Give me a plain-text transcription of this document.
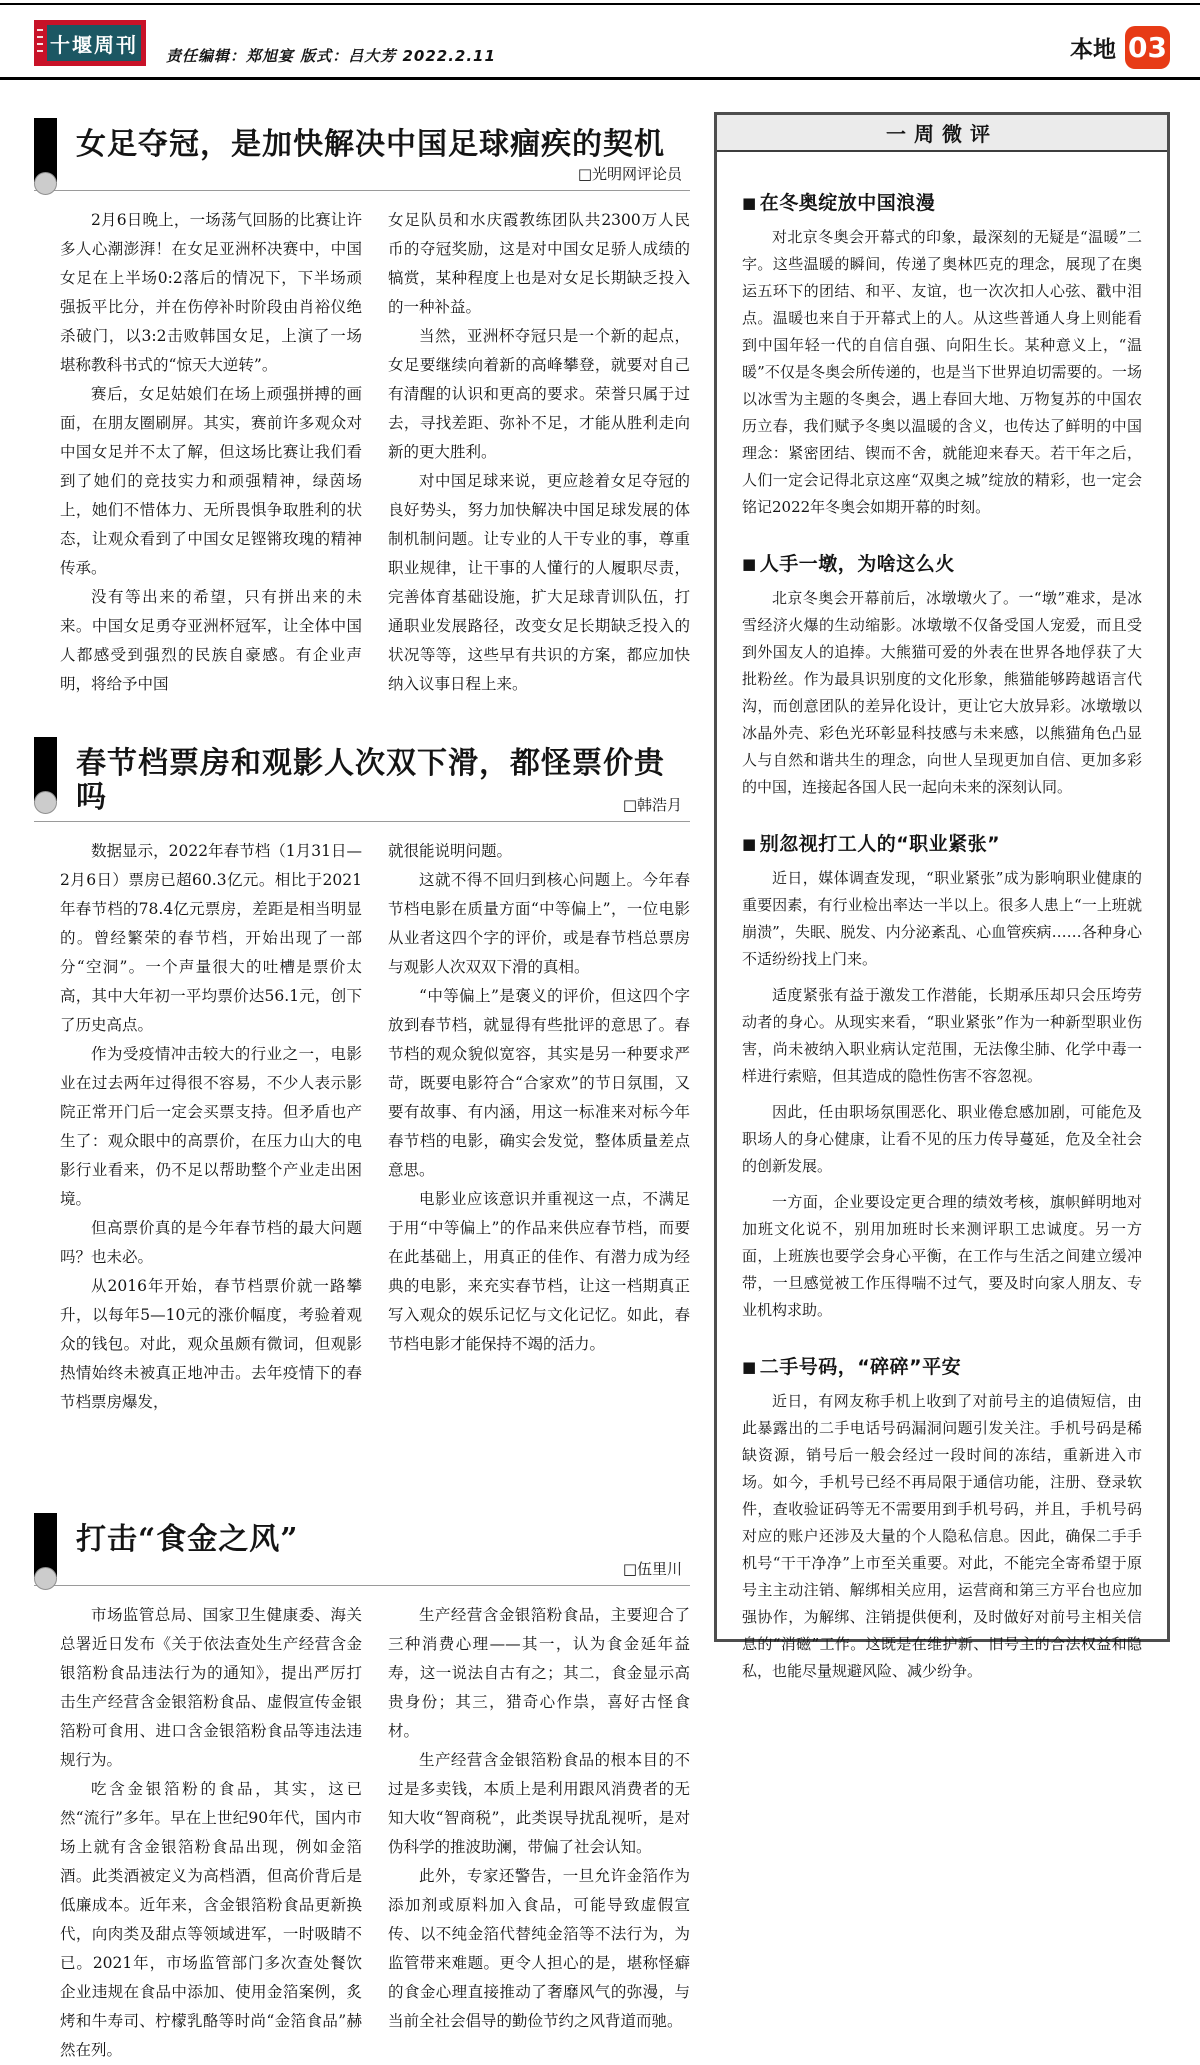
十堰周刊 责任编辑：郑旭宴 版式：吕大芳 2022.2.11	本地 03
女足夺冠，是加快解决中国足球痼疾的契机
□光明网评论员

2月6日晚上，一场荡气回肠的比赛让许多人心潮澎湃！在女足亚洲杯决赛中，中国女足在上半场0:2落后的情况下，下半场顽强扳平比分，并在伤停补时阶段由肖裕仪绝杀破门，以3:2击败韩国女足，上演了一场堪称教科书式的“惊天大逆转”。

赛后，女足姑娘们在场上顽强拼搏的画面，在朋友圈刷屏。其实，赛前许多观众对中国女足并不太了解，但这场比赛让我们看到了她们的竞技实力和顽强精神，绿茵场上，她们不惜体力、无所畏惧争取胜利的状态，让观众看到了中国女足铿锵玫瑰的精神传承。

没有等出来的希望，只有拼出来的未来。中国女足勇夺亚洲杯冠军，让全体中国人都感受到强烈的民族自豪感。有企业声明，将给予中国

女足队员和水庆霞教练团队共2300万人民币的夺冠奖励，这是对中国女足骄人成绩的犒赏，某种程度上也是对女足长期缺乏投入的一种补益。

当然，亚洲杯夺冠只是一个新的起点，女足要继续向着新的高峰攀登，就要对自己有清醒的认识和更高的要求。荣誉只属于过去，寻找差距、弥补不足，才能从胜利走向新的更大胜利。

对中国足球来说，更应趁着女足夺冠的良好势头，努力加快解决中国足球发展的体制机制问题。让专业的人干专业的事，尊重职业规律，让干事的人懂行的人履职尽责，完善体育基础设施，扩大足球青训队伍，打通职业发展路径，改变女足长期缺乏投入的状况等等，这些早有共识的方案，都应加快纳入议事日程上来。

春节档票房和观影人次双下滑，都怪票价贵吗	□韩浩月

数据显示，2022年春节档（1月31日—2月6日）票房已超60.3亿元。相比于2021年春节档的78.4亿元票房，差距是相当明显的。曾经繁荣的春节档，开始出现了一部分“空洞”。一个声量很大的吐槽是票价太高，其中大年初一平均票价达56.1元，创下了历史高点。

作为受疫情冲击较大的行业之一，电影业在过去两年过得很不容易，不少人表示影院正常开门后一定会买票支持。但矛盾也产生了：观众眼中的高票价，在压力山大的电影行业看来，仍不足以帮助整个产业走出困境。

但高票价真的是今年春节档的最大问题吗？也未必。

从2016年开始，春节档票价就一路攀升，以每年5—10元的涨价幅度，考验着观众的钱包。对此，观众虽颇有微词，但观影热情始终未被真正地冲击。去年疫情下的春节档票房爆发，

就很能说明问题。

这就不得不回归到核心问题上。今年春节档电影在质量方面“中等偏上”，一位电影从业者这四个字的评价，或是春节档总票房与观影人次双双下滑的真相。

“中等偏上”是褒义的评价，但这四个字放到春节档，就显得有些批评的意思了。春节档的观众貌似宽容，其实是另一种要求严苛，既要电影符合“合家欢”的节日氛围，又要有故事、有内涵，用这一标准来对标今年春节档的电影，确实会发觉，整体质量差点意思。

电影业应该意识并重视这一点，不满足于用“中等偏上”的作品来供应春节档，而要在此基础上，用真正的佳作、有潜力成为经典的电影，来充实春节档，让这一档期真正写入观众的娱乐记忆与文化记忆。如此，春节档电影才能保持不竭的活力。

打击“食金之风”
□伍里川

市场监管总局、国家卫生健康委、海关总署近日发布《关于依法查处生产经营含金银箔粉食品违法行为的通知》，提出严厉打击生产经营含金银箔粉食品、虚假宣传金银箔粉可食用、进口含金银箔粉食品等违法违规行为。

吃含金银箔粉的食品，其实，这已然“流行”多年。早在上世纪90年代，国内市场上就有含金银箔粉食品出现，例如金箔酒。此类酒被定义为高档酒，但高价背后是低廉成本。近年来，含金银箔粉食品更新换代，向肉类及甜点等领域进军，一时吸睛不已。2021年，市场监管部门多次查处餐饮企业违规在食品中添加、使用金箔案例，炙烤和牛寿司、柠檬乳酪等时尚“金箔食品”赫然在列。

生产经营含金银箔粉食品，主要迎合了三种消费心理——其一，认为食金延年益寿，这一说法自古有之；其二，食金显示高贵身份；其三，猎奇心作祟，喜好古怪食材。

生产经营含金银箔粉食品的根本目的不过是多卖钱，本质上是利用跟风消费者的无知大收“智商税”，此类误导扰乱视听，是对伪科学的推波助澜，带偏了社会认知。

此外，专家还警告，一旦允许金箔作为添加剂或原料加入食品，可能导致虚假宣传、以不纯金箔代替纯金箔等不法行为，为监管带来难题。更令人担心的是，堪称怪癖的食金心理直接推动了奢靡风气的弥漫，与当前全社会倡导的勤俭节约之风背道而驰。

一周微评
■ 在冬奥绽放中国浪漫

对北京冬奥会开幕式的印象，最深刻的无疑是“温暖”二字。这些温暖的瞬间，传递了奥林匹克的理念，展现了在奥运五环下的团结、和平、友谊，也一次次扣人心弦、戳中泪点。温暖也来自于开幕式上的人。从这些普通人身上则能看到中国年轻一代的自信自强、向阳生长。某种意义上，“温暖”不仅是冬奥会所传递的，也是当下世界迫切需要的。一场以冰雪为主题的冬奥会，遇上春回大地、万物复苏的中国农历立春，我们赋予冬奥以温暖的含义，也传达了鲜明的中国理念：紧密团结、锲而不舍，就能迎来春天。若干年之后，人们一定会记得北京这座“双奥之城”绽放的精彩，也一定会铭记2022年冬奥会如期开幕的时刻。

■ 人手一墩，为啥这么火

北京冬奥会开幕前后，冰墩墩火了。一“墩”难求，是冰雪经济火爆的生动缩影。冰墩墩不仅备受国人宠爱，而且受到外国友人的追捧。大熊猫可爱的外表在世界各地俘获了大批粉丝。作为最具识别度的文化形象，熊猫能够跨越语言代沟，而创意团队的差异化设计，更让它大放异彩。冰墩墩以冰晶外壳、彩色光环彰显科技感与未来感，以熊猫角色凸显人与自然和谐共生的理念，向世人呈现更加自信、更加多彩的中国，连接起各国人民一起向未来的深刻认同。

■ 别忽视打工人的“职业紧张”

近日，媒体调查发现，“职业紧张”成为影响职业健康的重要因素，有行业检出率达一半以上。很多人患上“一上班就崩溃”，失眠、脱发、内分泌紊乱、心血管疾病……各种身心不适纷纷找上门来。

适度紧张有益于激发工作潜能，长期承压却只会压垮劳动者的身心。从现实来看，“职业紧张”作为一种新型职业伤害，尚未被纳入职业病认定范围，无法像尘肺、化学中毒一样进行索赔，但其造成的隐性伤害不容忽视。

因此，任由职场氛围恶化、职业倦怠感加剧，可能危及职场人的身心健康，让看不见的压力传导蔓延，危及全社会的创新发展。

一方面，企业要设定更合理的绩效考核，旗帜鲜明地对加班文化说不，别用加班时长来测评职工忠诚度。另一方面，上班族也要学会身心平衡，在工作与生活之间建立缓冲带，一旦感觉被工作压得喘不过气，要及时向家人朋友、专业机构求助。

■ 二手号码，“碎碎”平安

近日，有网友称手机上收到了对前号主的追债短信，由此暴露出的二手电话号码漏洞问题引发关注。手机号码是稀缺资源，销号后一般会经过一段时间的冻结，重新进入市场。如今，手机号已经不再局限于通信功能，注册、登录软件，查收验证码等无不需要用到手机号码，并且，手机号码对应的账户还涉及大量的个人隐私信息。因此，确保二手手机号“干干净净”上市至关重要。对此，不能完全寄希望于原号主主动注销、解绑相关应用，运营商和第三方平台也应加强协作，为解绑、注销提供便利，及时做好对前号主相关信息的“消磁”工作。这既是在维护新、旧号主的合法权益和隐私，也能尽量规避风险、减少纷争。
